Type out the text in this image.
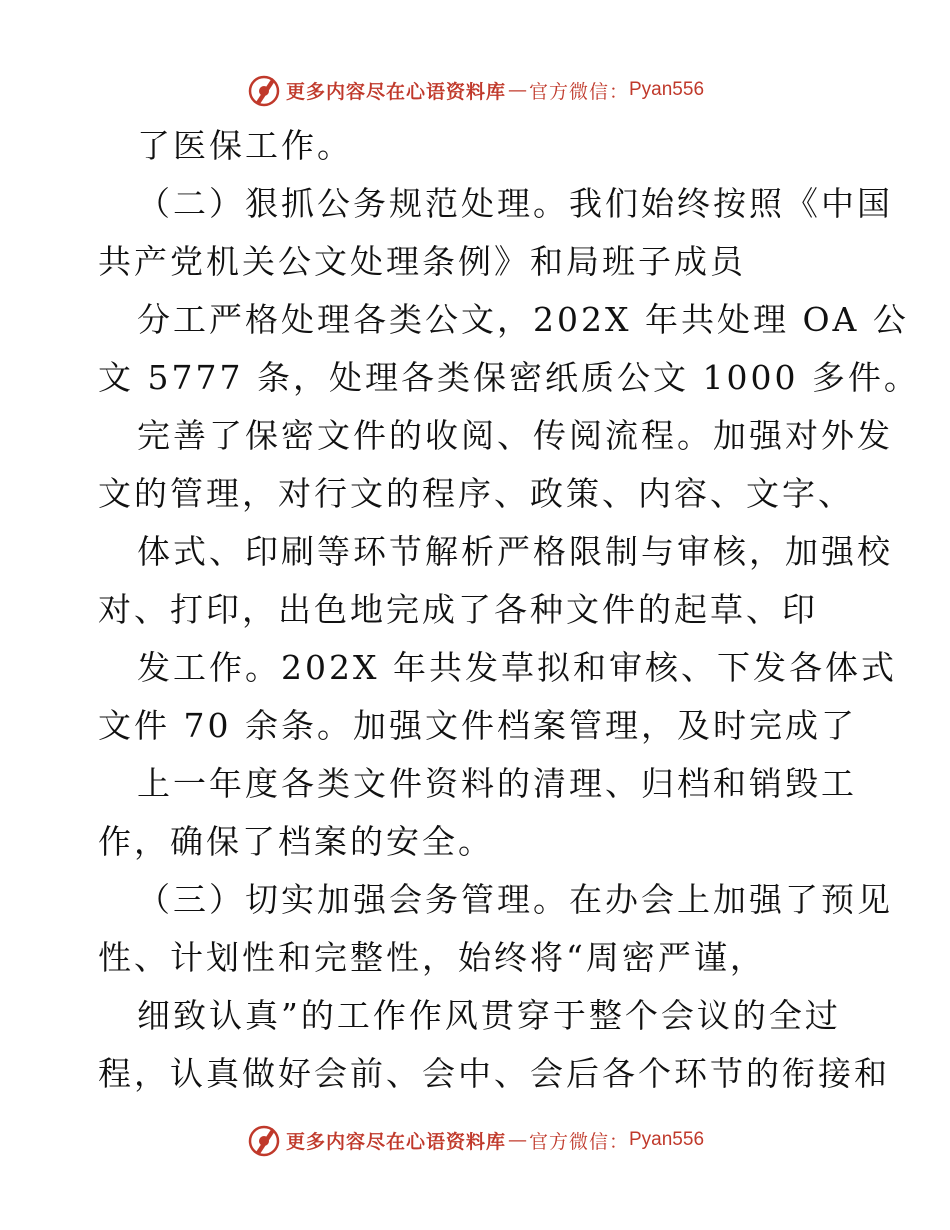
更多内容尽在心语资料库 — 官方微信： Pyan556
了医保工作。
（二）狠抓公务规范处理。我们始终按照《中国
共产党机关公文处理条例》和局班子成员
分工严格处理各类公文，202X 年共处理 OA 公
文 5777 条，处理各类保密纸质公文 1000 多件。
完善了保密文件的收阅、传阅流程。加强对外发
文的管理，对行文的程序、政策、内容、文字、
体式、印刷等环节解析严格限制与审核，加强校
对、打印，出色地完成了各种文件的起草、印
发工作。202X 年共发草拟和审核、下发各体式
文件 70 余条。加强文件档案管理，及时完成了
上一年度各类文件资料的清理、归档和销毁工
作，确保了档案的安全。
（三）切实加强会务管理。在办会上加强了预见
性、计划性和完整性，始终将“周密严谨，
细致认真”的工作作风贯穿于整个会议的全过
程，认真做好会前、会中、会后各个环节的衔接和
更多内容尽在心语资料库 — 官方微信： Pyan556
